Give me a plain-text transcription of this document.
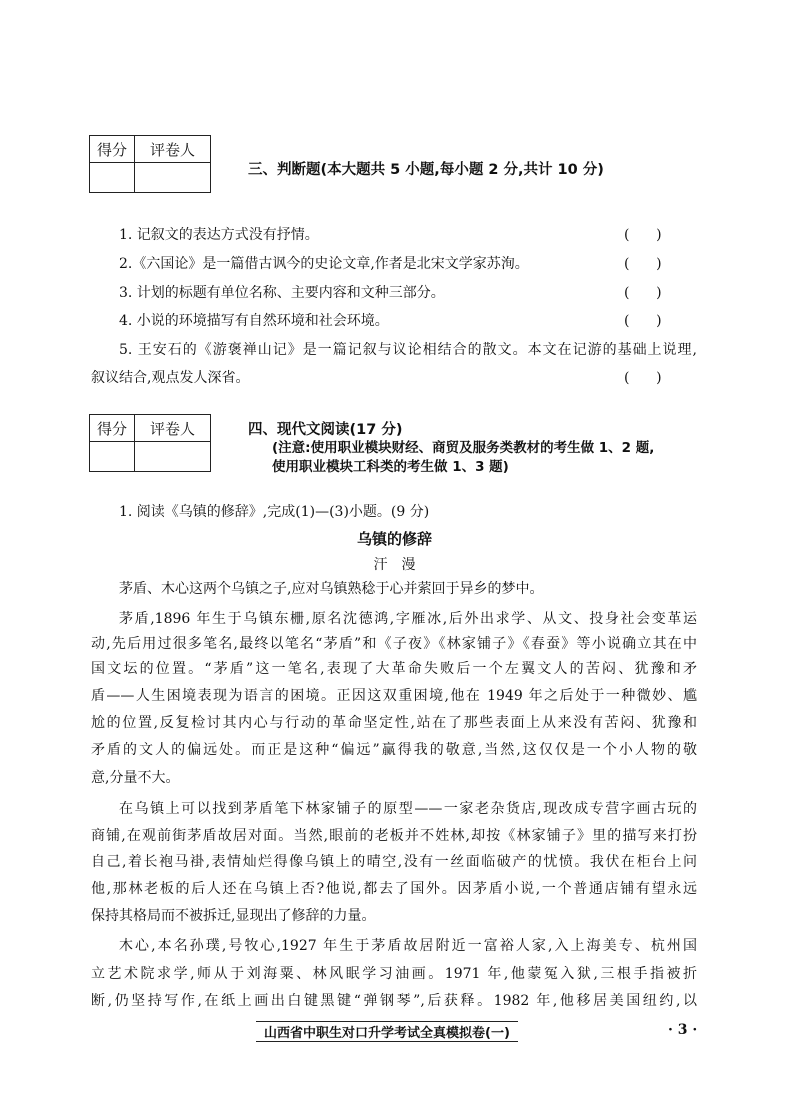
得分	评卷人

三、判断题(本大题共 5 小题,每小题 2 分,共计 10 分)
1. 记叙文的表达方式没有抒情。	(      )
2.《六国论》是一篇借古讽今的史论文章,作者是北宋文学家苏洵。	(      )
3. 计划的标题有单位名称、主要内容和文种三部分。	(      )
4. 小说的环境描写有自然环境和社会环境。	(      )
5. 王安石的《游褒禅山记》是一篇记叙与议论相结合的散文。本文在记游的基础上说理,
叙议结合,观点发人深省。	(      )
得分	评卷人
		四、现代文阅读(17 分)
(注意:使用职业模块财经、商贸及服务类教材的考生做 1、2 题,
使用职业模块工科类的考生做 1、3 题)
1. 阅读《乌镇的修辞》,完成(1)—(3)小题。(9 分)
乌镇的修辞
汗　漫
茅盾、木心这两个乌镇之子,应对乌镇熟稔于心并萦回于异乡的梦中。
茅盾,1896 年生于乌镇东栅,原名沈德鸿,字雁冰,后外出求学、从文、投身社会变革运
动,先后用过很多笔名,最终以笔名“茅盾”和《子夜》《林家铺子》《春蚕》等小说确立其在中
国文坛的位置。“茅盾”这一笔名,表现了大革命失败后一个左翼文人的苦闷、犹豫和矛
盾——人生困境表现为语言的困境。正因这双重困境,他在 1949 年之后处于一种微妙、尴
尬的位置,反复检讨其内心与行动的革命坚定性,站在了那些表面上从来没有苦闷、犹豫和
矛盾的文人的偏远处。而正是这种“偏远”赢得我的敬意,当然,这仅仅是一个小人物的敬
意,分量不大。
在乌镇上可以找到茅盾笔下林家铺子的原型——一家老杂货店,现改成专营字画古玩的
商铺,在观前街茅盾故居对面。当然,眼前的老板并不姓林,却按《林家铺子》里的描写来打扮
自己,着长袍马褂,表情灿烂得像乌镇上的晴空,没有一丝面临破产的忧愤。我伏在柜台上问
他,那林老板的后人还在乌镇上否?他说,都去了国外。因茅盾小说,一个普通店铺有望永远
保持其格局而不被拆迁,显现出了修辞的力量。
木心,本名孙璞,号牧心,1927 年生于茅盾故居附近一富裕人家,入上海美专、杭州国
立艺术院求学,师从于刘海粟、林风眠学习油画。1971 年,他蒙冤入狱,三根手指被折
断,仍坚持写作,在纸上画出白键黑键“弹钢琴”,后获释。1982 年,他移居美国纽约,以
山西省中职生对口升学考试全真模拟卷(一)	· 3 ·
